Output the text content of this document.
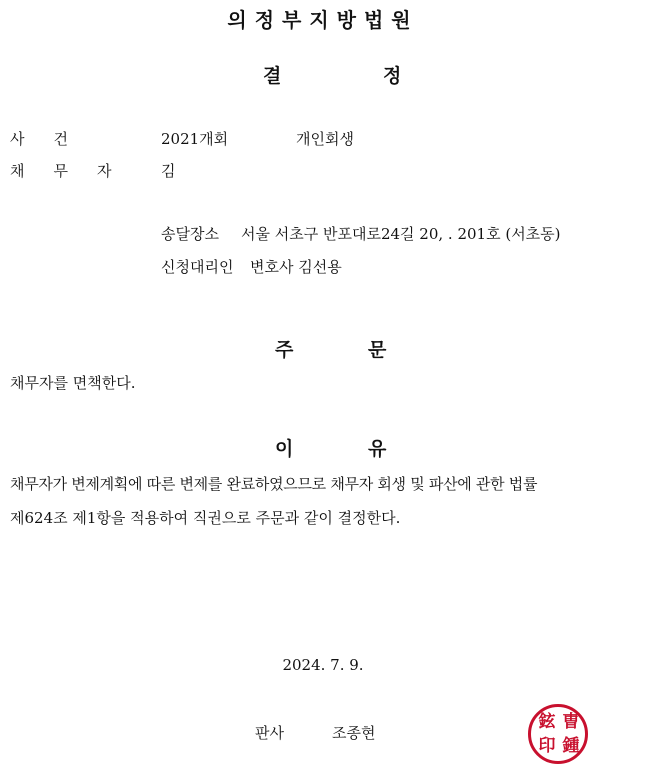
의정부지방법원
결	정
사건	2021개회	개인회생
채무자 김
송달장소 서울 서초구 반포대로24길 20, . 201호 (서초동)
신청대리인 변호사 김선용
주	문
채무자를 면책한다.
이	유
채무자가 변제계획에 따른 변제를 완료하였으므로 채무자 회생 및 파산에 관한 법률
제624조 제1항을 적용하여 직권으로 주문과 같이 결정한다.
2024. 7. 9.
판사	조종현
曺
鍾
鉉
印
